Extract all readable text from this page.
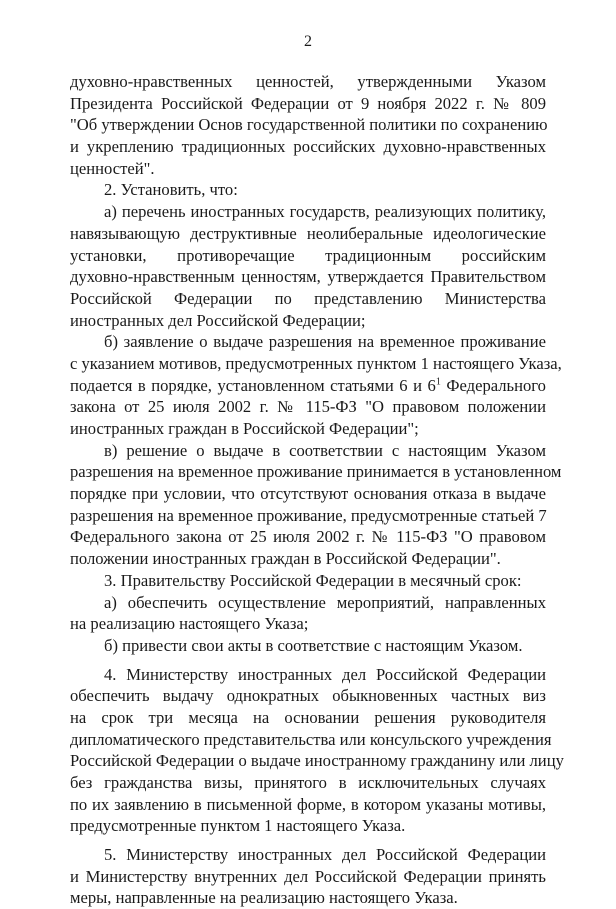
2
духовно-нравственных ценностей, утвержденными Указом
Президента Российской Федерации от 9 ноября 2022 г. № 809
"Об утверждении Основ государственной политики по сохранению
и укреплению традиционных российских духовно-нравственных
ценностей".
2. Установить, что:
а) перечень иностранных государств, реализующих политику,
навязывающую деструктивные неолиберальные идеологические
установки, противоречащие традиционным российским
духовно-нравственным ценностям, утверждается Правительством
Российской Федерации по представлению Министерства
иностранных дел Российской Федерации;
б) заявление о выдаче разрешения на временное проживание
с указанием мотивов, предусмотренных пунктом 1 настоящего Указа,
подается в порядке, установленном статьями 6 и $6^1$ Федерального
закона от 25 июля 2002 г. № 115-ФЗ "О правовом положении
иностранных граждан в Российской Федерации";
в) решение о выдаче в соответствии с настоящим Указом
разрешения на временное проживание принимается в установленном
порядке при условии, что отсутствуют основания отказа в выдаче
разрешения на временное проживание, предусмотренные статьей 7
Федерального закона от 25 июля 2002 г. № 115-ФЗ "О правовом
положении иностранных граждан в Российской Федерации".
3. Правительству Российской Федерации в месячный срок:
а) обеспечить осуществление мероприятий, направленных
на реализацию настоящего Указа;
б) привести свои акты в соответствие с настоящим Указом.
4. Министерству иностранных дел Российской Федерации
обеспечить выдачу однократных обыкновенных частных виз
на срок три месяца на основании решения руководителя
дипломатического представительства или консульского учреждения
Российской Федерации о выдаче иностранному гражданину или лицу
без гражданства визы, принятого в исключительных случаях
по их заявлению в письменной форме, в котором указаны мотивы,
предусмотренные пунктом 1 настоящего Указа.
5. Министерству иностранных дел Российской Федерации
и Министерству внутренних дел Российской Федерации принять
меры, направленные на реализацию настоящего Указа.
